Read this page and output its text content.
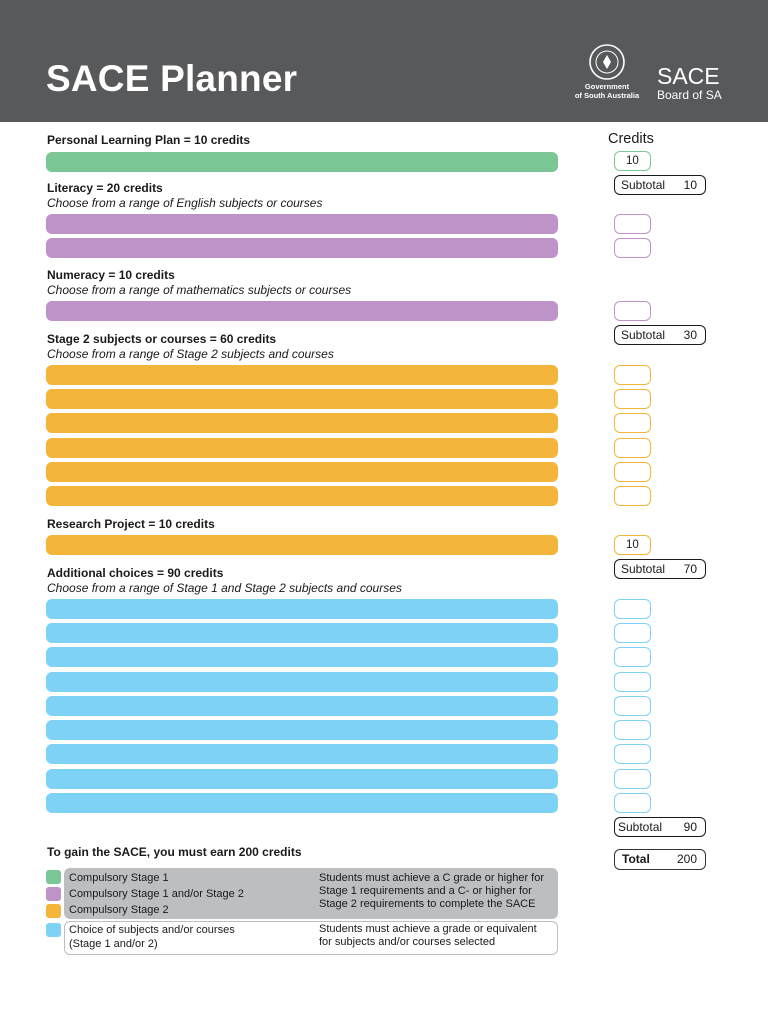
SACE Planner	Government
of South Australia
SACE
Board of SA
Credits
Personal Learning Plan = 10 credits
10
Subtotal 10
Literacy = 20 credits
Choose from a range of English subjects or courses
Numeracy = 10 credits
Choose from a range of mathematics subjects or courses
Subtotal 30
Stage 2 subjects or courses = 60 credits
Choose from a range of Stage 2 subjects and courses
Research Project = 10 credits
10
Subtotal 70
Additional choices = 90 credits
Choose from a range of Stage 1 and Stage 2 subjects and courses
Subtotal 90
To gain the SACE, you must earn 200 credits	Total 200
Compulsory Stage 1
Compulsory Stage 1 and/or Stage 2
Compulsory Stage 2
Choice of subjects and/or courses
(Stage 1 and/or 2)
Students must achieve a C grade or higher for
Stage 1 requirements and a C- or higher for
Stage 2 requirements to complete the SACE
Students must achieve a grade or equivalent
for subjects and/or courses selected
